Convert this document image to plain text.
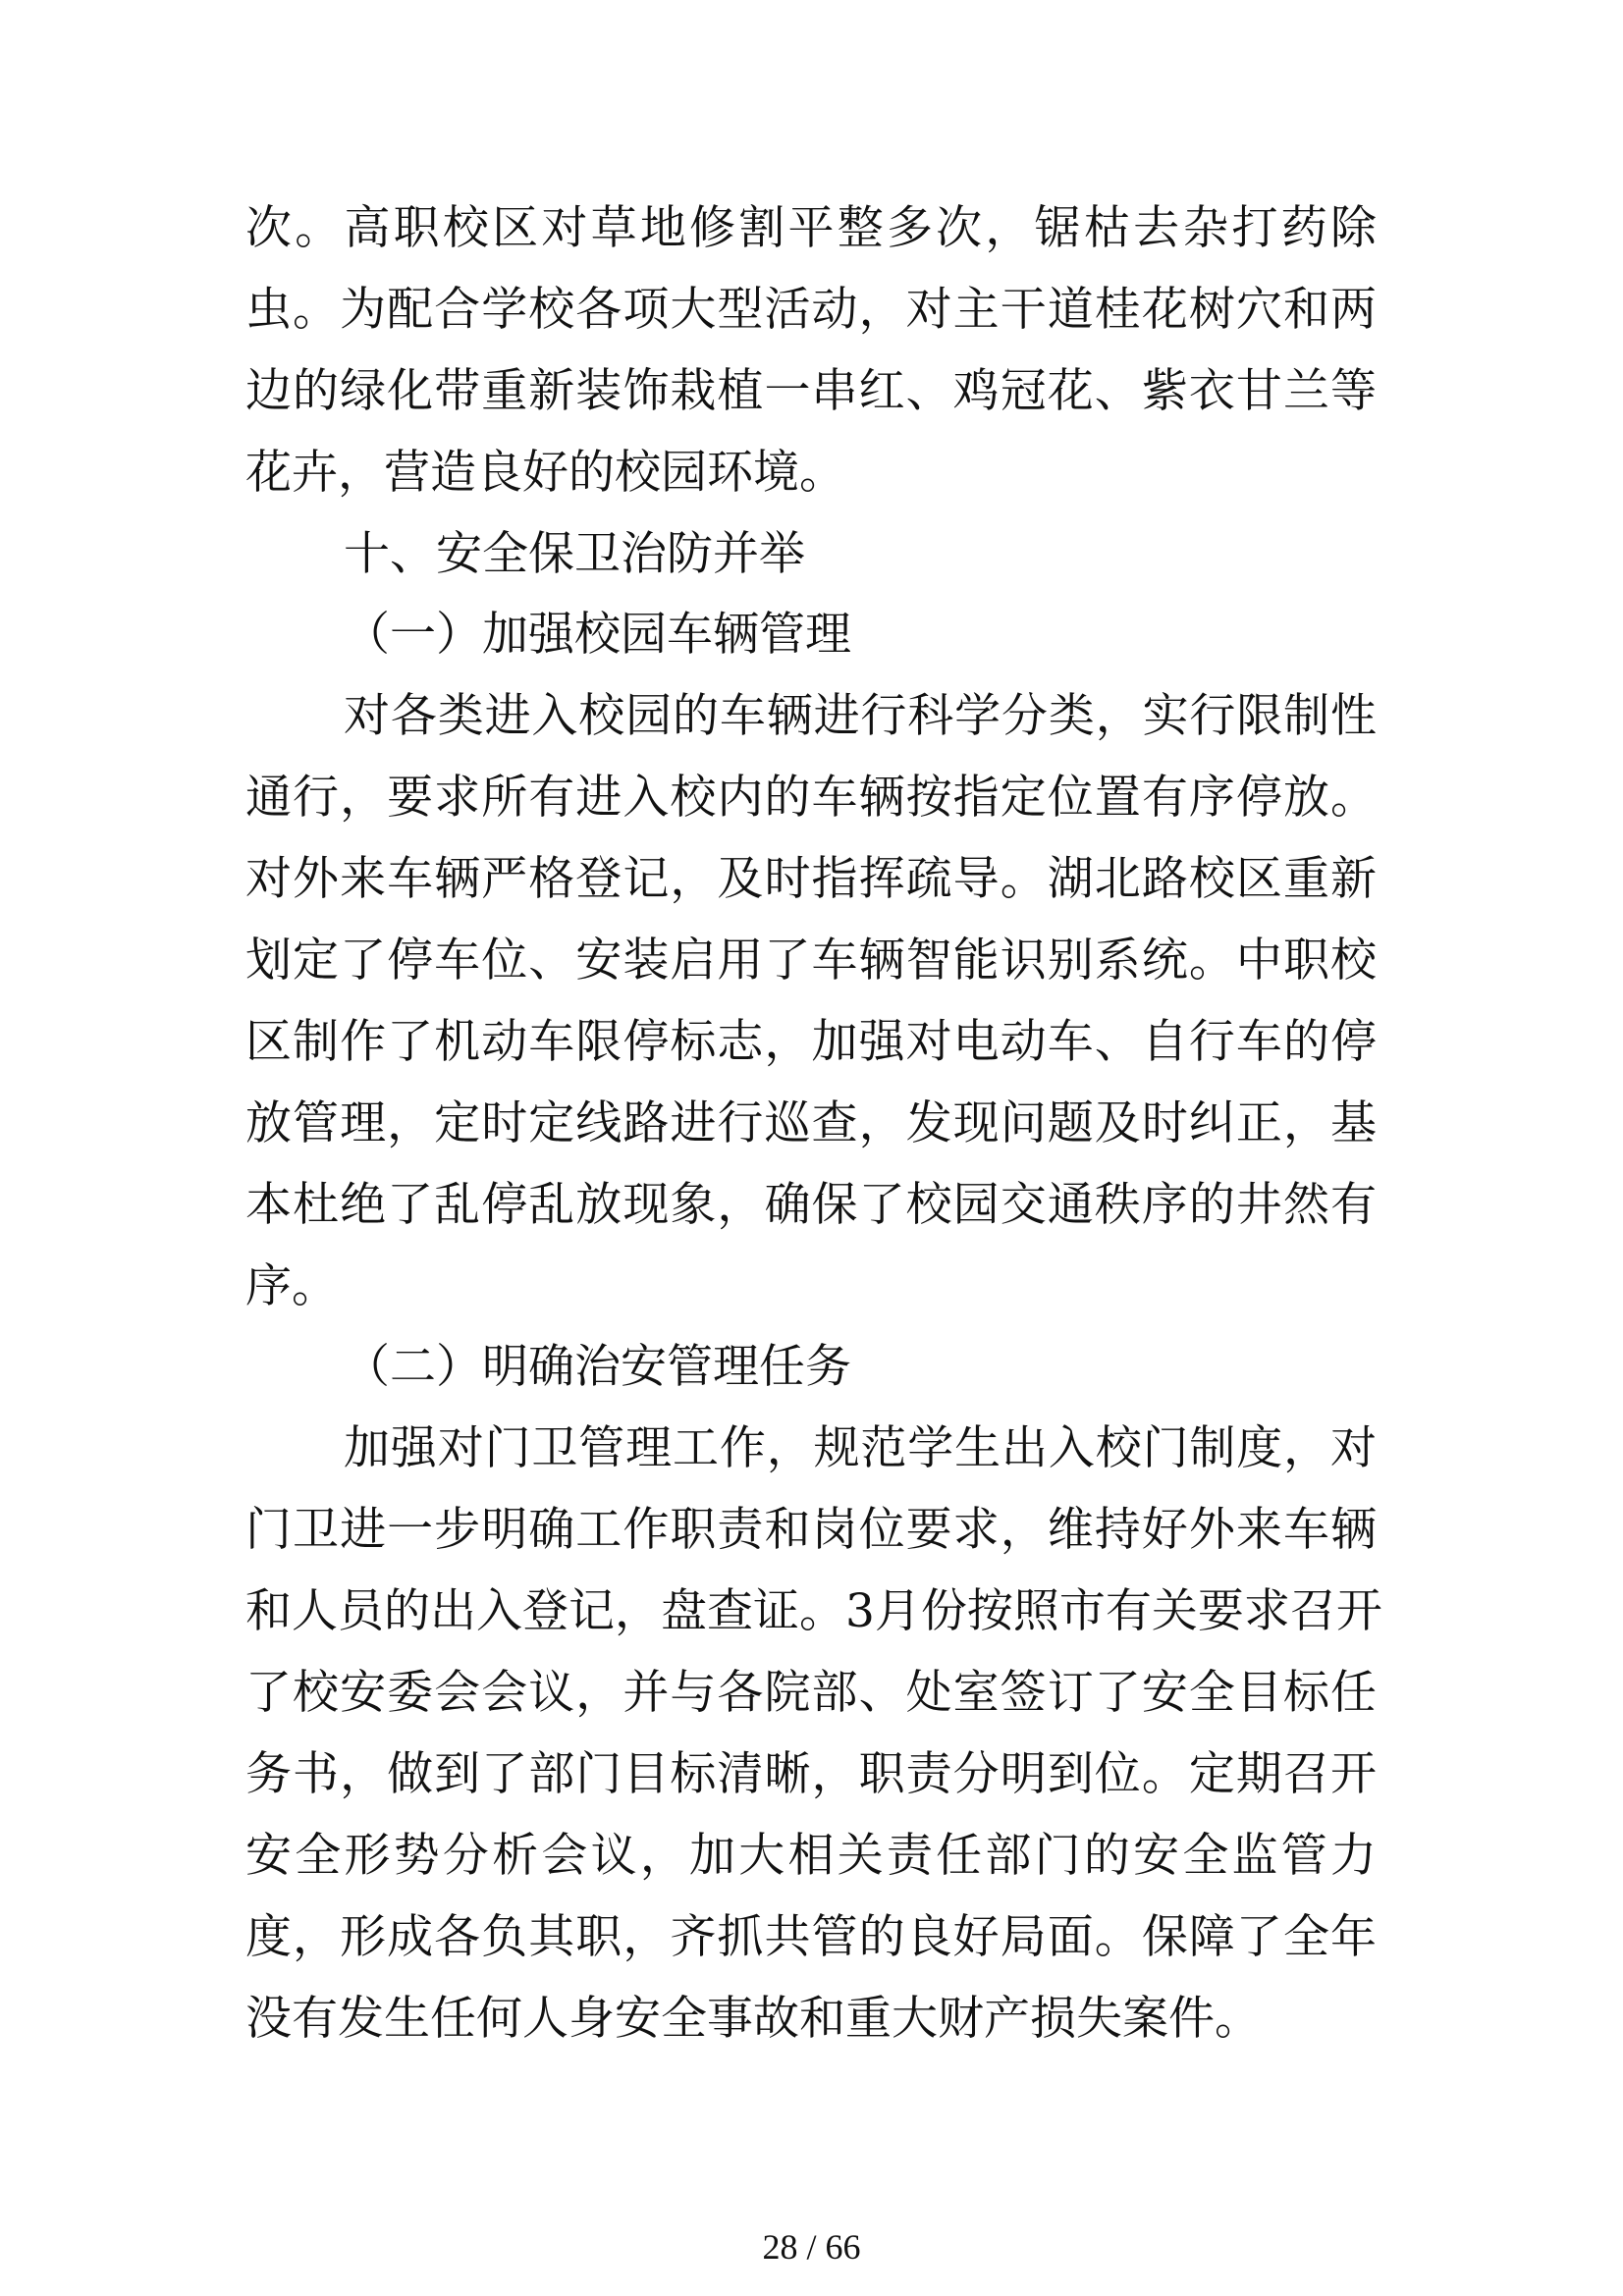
次。高职校区对草地修割平整多次，锯枯去杂打药除
虫。为配合学校各项大型活动，对主干道桂花树穴和两
边的绿化带重新装饰栽植一串红、鸡冠花、紫衣甘兰等
花卉，营造良好的校园环境。
十、安全保卫治防并举
（一）加强校园车辆管理
对各类进入校园的车辆进行科学分类，实行限制性
通行，要求所有进入校内的车辆按指定位置有序停放。
对外来车辆严格登记，及时指挥疏导。湖北路校区重新
划定了停车位、安装启用了车辆智能识别系统。中职校
区制作了机动车限停标志，加强对电动车、自行车的停
放管理，定时定线路进行巡查，发现问题及时纠正，基
本杜绝了乱停乱放现象，确保了校园交通秩序的井然有
序。
（二）明确治安管理任务
加强对门卫管理工作，规范学生出入校门制度，对
门卫进一步明确工作职责和岗位要求，维持好外来车辆
和人员的出入登记，盘查证。3月份按照市有关要求召开
了校安委会会议，并与各院部、处室签订了安全目标任
务书，做到了部门目标清晰，职责分明到位。定期召开
安全形势分析会议，加大相关责任部门的安全监管力
度，形成各负其职，齐抓共管的良好局面。保障了全年
没有发生任何人身安全事故和重大财产损失案件。
28 / 66
